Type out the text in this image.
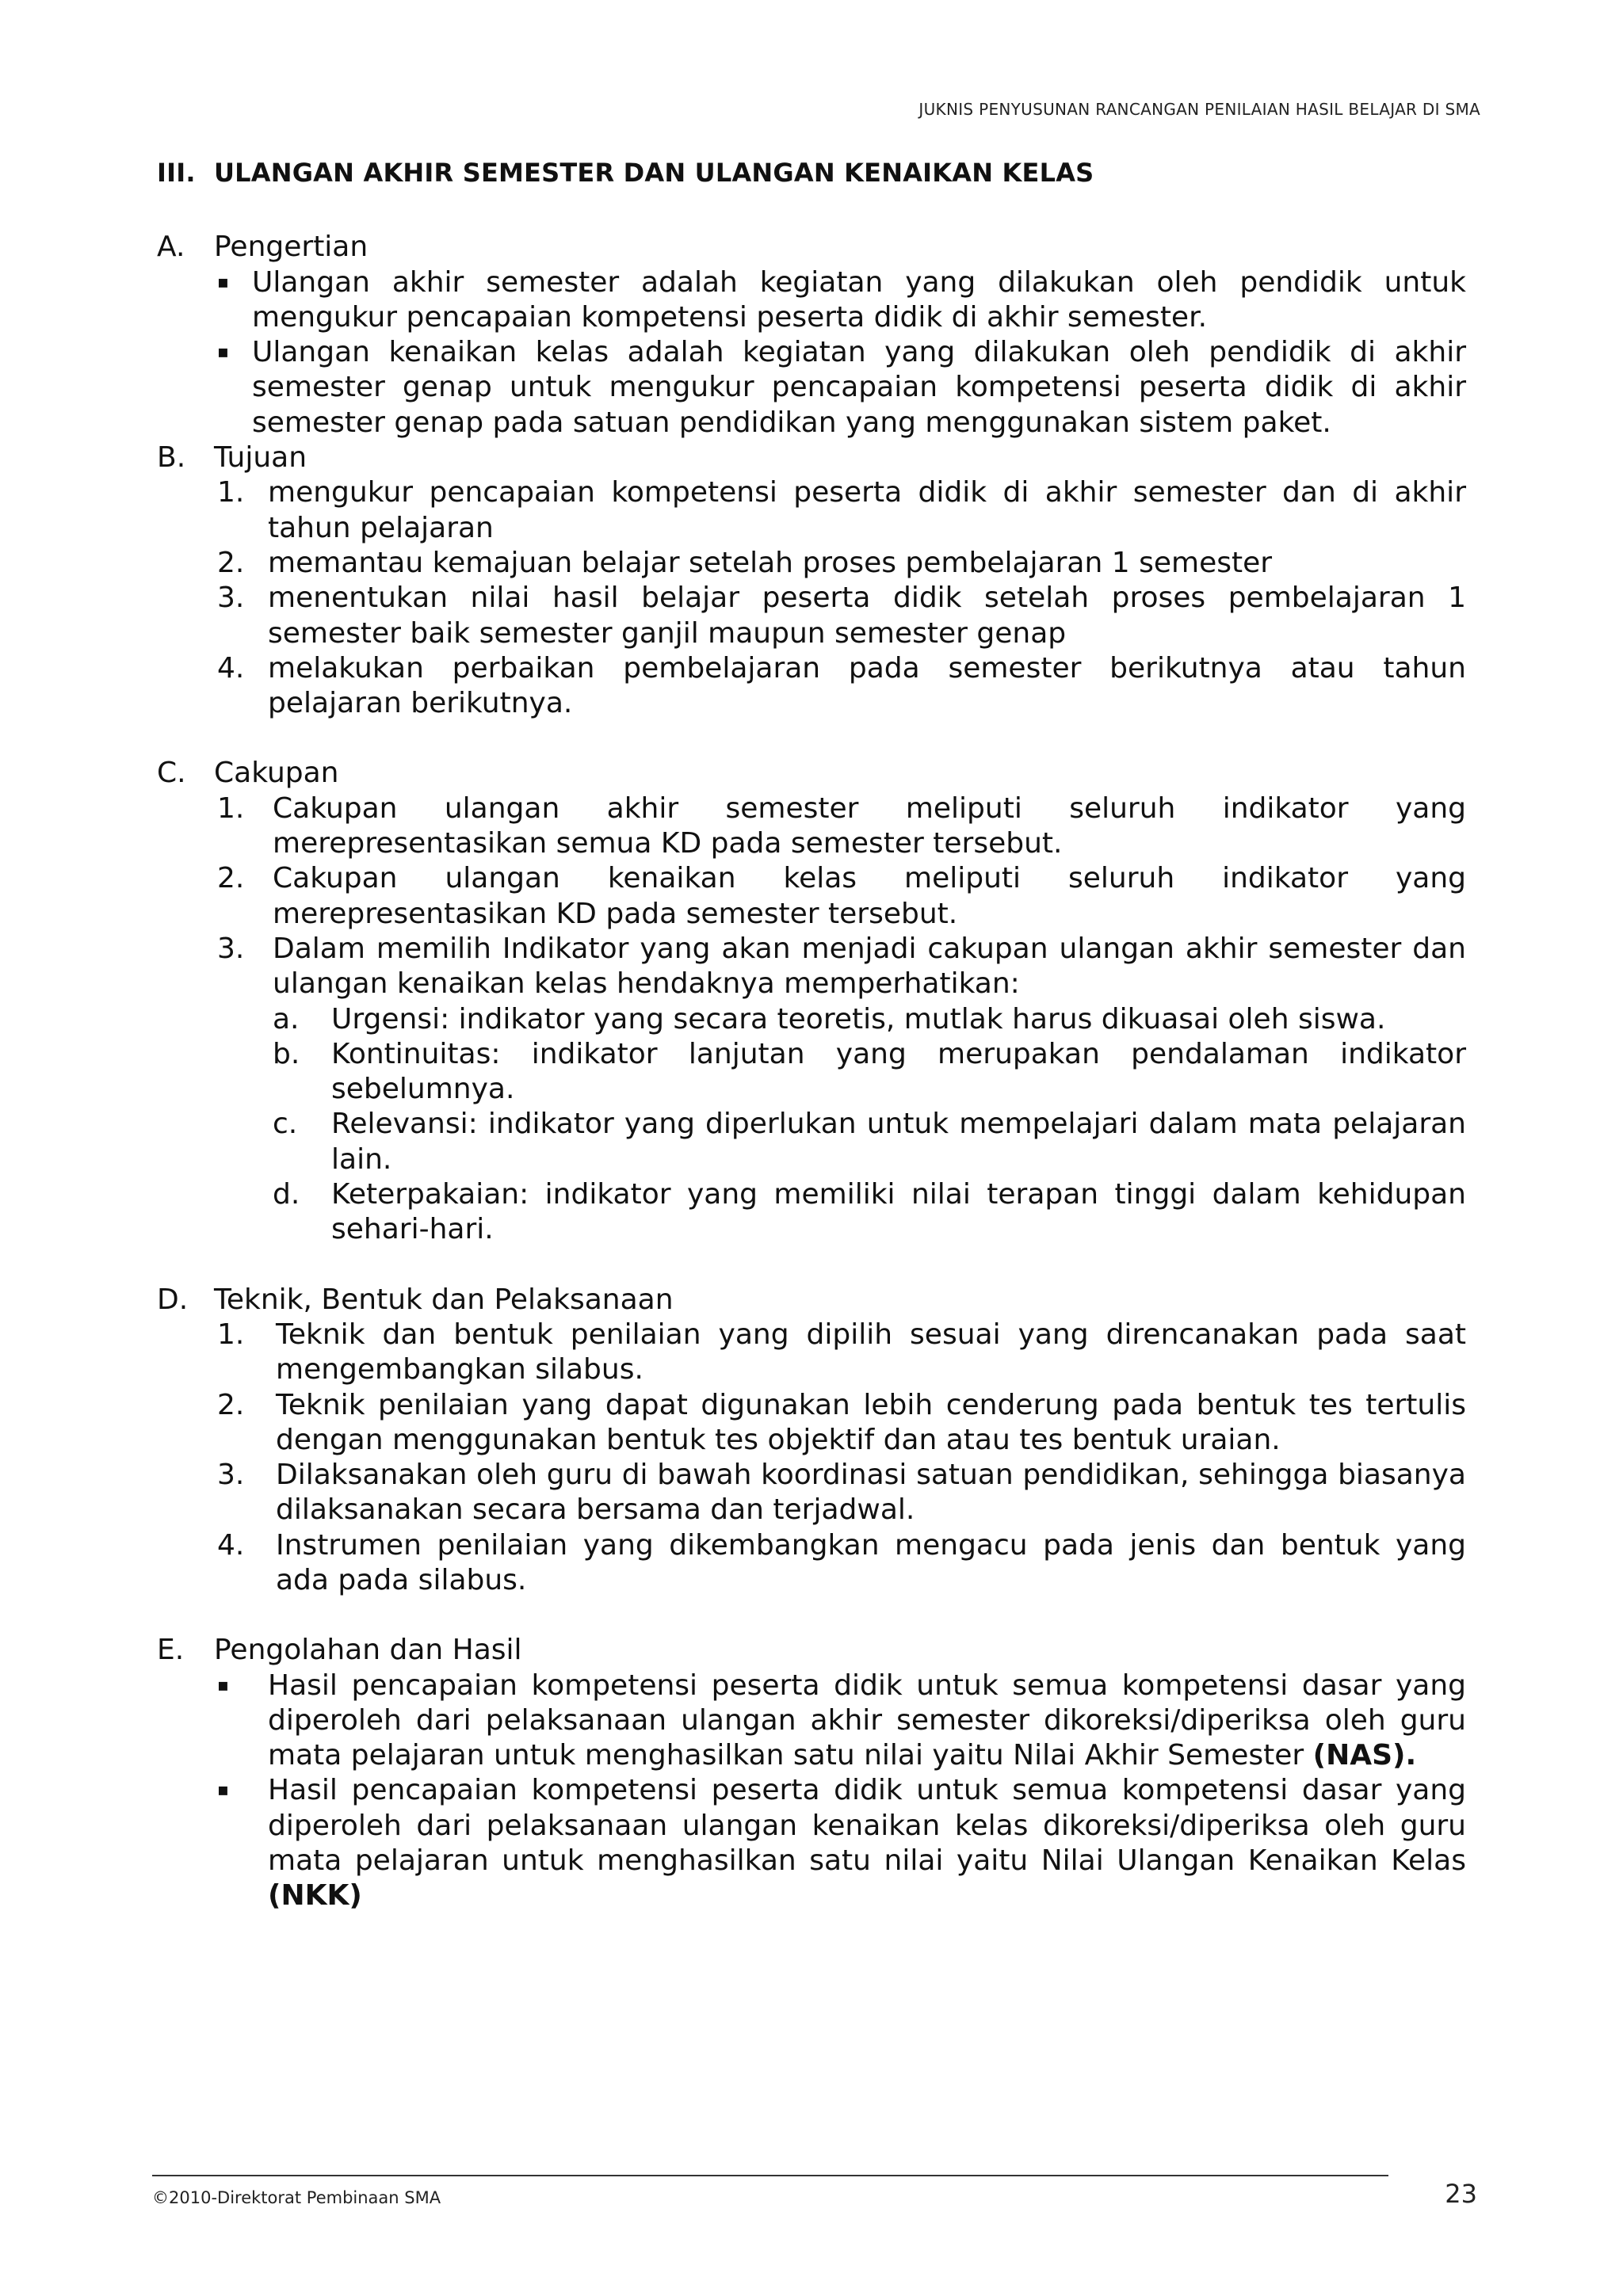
JUKNIS PENYUSUNAN RANCANGAN PENILAIAN HASIL BELAJAR DI SMA
III. ULANGAN AKHIR SEMESTER DAN ULANGAN KENAIKAN KELAS
A.	Pengertian
▪ Ulangan akhir semester adalah kegiatan yang dilakukan oleh pendidik untuk mengukur pencapaian kompetensi peserta didik di akhir semester.
▪ Ulangan kenaikan kelas adalah kegiatan yang dilakukan oleh pendidik di akhir semester genap untuk mengukur pencapaian kompetensi peserta didik di akhir semester genap pada satuan pendidikan yang menggunakan sistem paket.
B. Tujuan
1. mengukur pencapaian kompetensi peserta didik di akhir semester dan di akhir tahun pelajaran
2. memantau kemajuan belajar setelah proses pembelajaran 1 semester
3. menentukan nilai hasil belajar peserta didik setelah proses pembelajaran 1 semester baik semester ganjil maupun semester genap
4. melakukan perbaikan pembelajaran pada semester berikutnya atau tahun pelajaran berikutnya.
C. Cakupan
1. Cakupan ulangan akhir semester meliputi seluruh indikator yang merepresentasikan semua KD pada semester tersebut.
2. Cakupan ulangan kenaikan kelas meliputi seluruh indikator yang merepresentasikan KD pada semester tersebut.
3. Dalam memilih Indikator yang akan menjadi cakupan ulangan akhir semester dan ulangan kenaikan kelas hendaknya memperhatikan:
a.	Urgensi: indikator yang secara teoretis, mutlak harus dikuasai oleh siswa.
b.	Kontinuitas: indikator lanjutan yang merupakan pendalaman indikator sebelumnya.
c.	Relevansi: indikator yang diperlukan untuk mempelajari dalam mata pelajaran lain.
d.	Keterpakaian: indikator yang memiliki nilai terapan tinggi dalam kehidupan sehari-hari.
D. Teknik, Bentuk dan Pelaksanaan
1.	Teknik dan bentuk penilaian yang dipilih sesuai yang direncanakan pada saat mengembangkan silabus.
2.	Teknik penilaian yang dapat digunakan lebih cenderung pada bentuk tes tertulis dengan menggunakan bentuk tes objektif dan atau tes bentuk uraian.
3.	Dilaksanakan oleh guru di bawah koordinasi satuan pendidikan, sehingga biasanya dilaksanakan secara bersama dan terjadwal.
4.	Instrumen penilaian yang dikembangkan mengacu pada jenis dan bentuk yang ada pada silabus.
E.	Pengolahan dan Hasil
▪	Hasil pencapaian kompetensi peserta didik untuk semua kompetensi dasar yang diperoleh dari pelaksanaan ulangan akhir semester dikoreksi/diperiksa oleh guru mata pelajaran untuk menghasilkan satu nilai yaitu Nilai Akhir Semester (NAS).
▪	Hasil pencapaian kompetensi peserta didik untuk semua kompetensi dasar yang diperoleh dari pelaksanaan ulangan kenaikan kelas dikoreksi/diperiksa oleh guru mata pelajaran untuk menghasilkan satu nilai yaitu Nilai Ulangan Kenaikan Kelas (NKK)
©2010-Direktorat Pembinaan SMA	23
